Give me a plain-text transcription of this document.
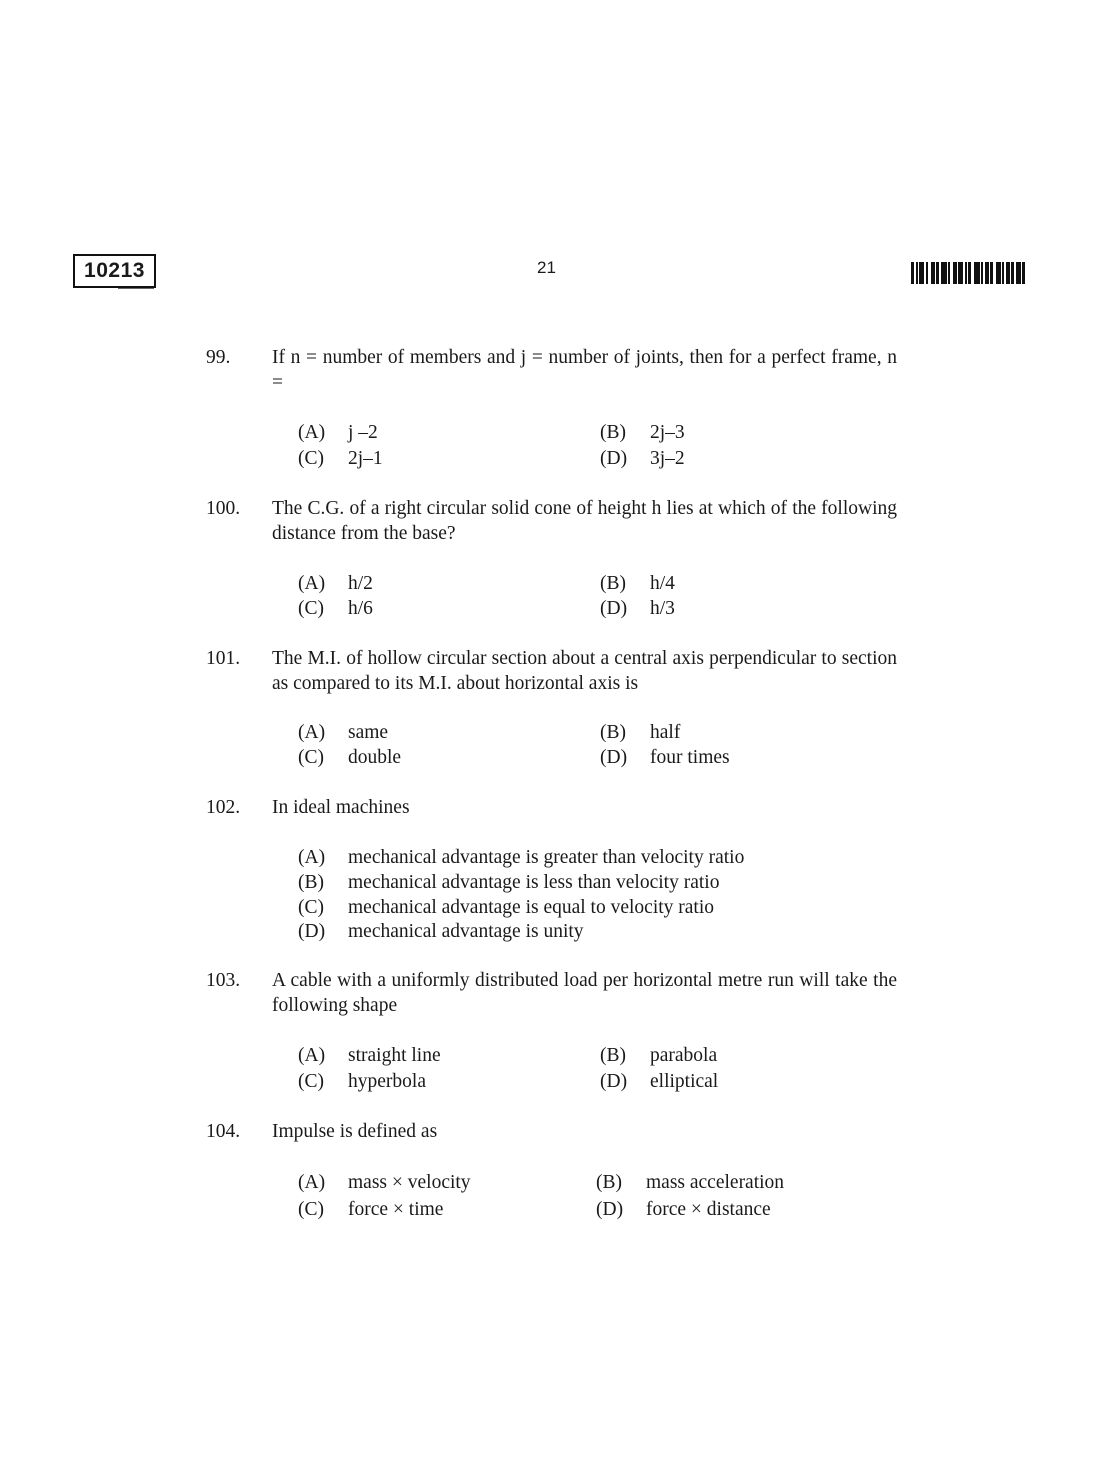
10213	21
99. If n = number of members and j = number of joints, then for a perfect frame, n =
(A) j –2	(B) 2j–3
(C) 2j–1	(D) 3j–2
100. The C.G. of a right circular solid cone of height h lies at which of the following distance from the base?
(A) h/2	(B) h/4
(C) h/6	(D) h/3
101. The M.I. of hollow circular section about a central axis perpendicular to section as compared to its M.I. about horizontal axis is
(A) same	(B) half
(C) double	(D) four times
102. In ideal machines
(A) mechanical advantage is greater than velocity ratio
(B) mechanical advantage is less than velocity ratio
(C) mechanical advantage is equal to velocity ratio
(D) mechanical advantage is unity
103. A cable with a uniformly distributed load per horizontal metre run will take the following shape
(A) straight line	(B) parabola
(C) hyperbola	(D) elliptical
104. Impulse is defined as
(A) mass × velocity	(B) mass acceleration
(C) force × time	(D) force × distance
